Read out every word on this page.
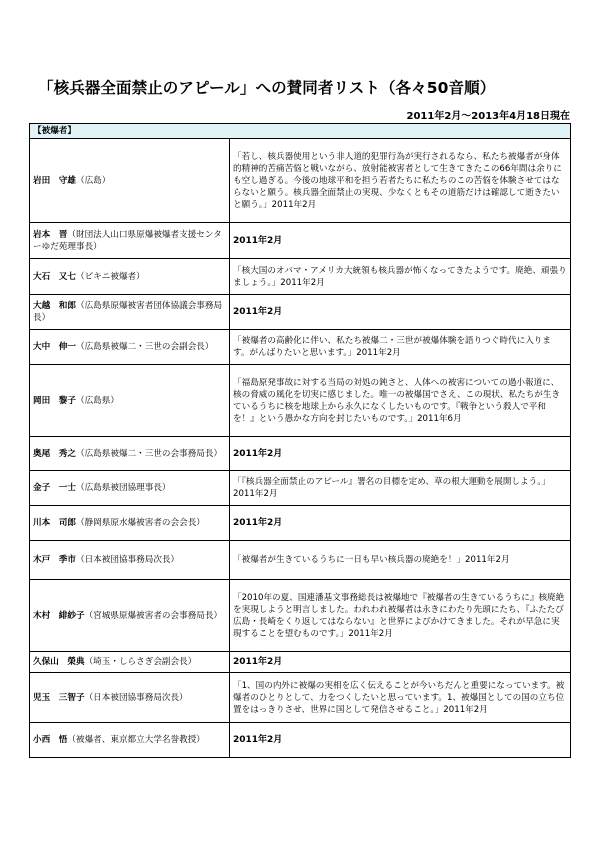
「核兵器全面禁止のアピール」への賛同者リスト（各々50音順）
2011年2月～2013年4月18日現在
【被爆者】	
岩田　守雄（広島）	「若し、核兵器使用という非人道的犯罪行為が実行されるなら、私たち被爆者が身体的精神的苦痛苦悩と戦いながら、放射能被害者として生きてきたこの66年間は余りにも空し過ぎる。今後の地球平和を担う若者たちに私たちのこの苦悩を体験させてはならないと願う。核兵器全面禁止の実現、少なくともその道筋だけは確認して逝きたいと願う。」2011年2月
岩本　晋（財団法人山口県原爆被爆者支援センターゆだ苑理事長）	2011年2月
大石　又七（ビキニ被爆者）	「核大国のオバマ・アメリカ大統領も核兵器が怖くなってきたようです。廃絶、頑張りましょう。」2011年2月
大越　和郎（広島県原爆被害者団体協議会事務局長）	2011年2月
大中　伸一（広島県被爆二・三世の会副会長）	「被爆者の高齢化に伴い、私たち被爆二・三世が被爆体験を語りつぐ時代に入ります。がんばりたいと思います。」2011年2月
岡田　黎子（広島県）	「福島原発事故に対する当局の対処の鈍さと、人体への被害についての過小報道に、核の脅威の風化を切実に感じました。唯一の被爆国でさえ、この現状、私たちが生きているうちに核を地球上から永久になくしたいものです。『戦争という殺人で平和を！』という愚かな方向を封じたいものです。」2011年6月
奥尾　秀之（広島県被爆二・三世の会事務局長）	2011年2月
金子　一士（広島県被団協理事長）	「『核兵器全面禁止のアピール』署名の目標を定め、草の根大運動を展開しよう。」2011年2月
川本　司郎（静岡県原水爆被害者の会会長）	2011年2月
木戸　季市（日本被団協事務局次長）	「被爆者が生きているうちに一日も早い核兵器の廃絶を！」2011年2月
木村　緋紗子（宮城県原爆被害者の会事務局長）	「2010年の夏、国連潘基文事務総長は被爆地で『被爆者の生きているうちに』核廃絶を実現しようと明言しました。われわれ被爆者は永きにわたり先頭にたち、『ふたたび広島・長崎をくり返してはならない』と世界によびかけてきました。それが早急に実現することを望むものです。」2011年2月
久保山　榮典（埼玉・しらさぎ会副会長）	2011年2月
児玉　三智子（日本被団協事務局次長）	「1、国の内外に被爆の実相を広く伝えることが今いちだんと重要になっています。被爆者のひとりとして、力をつくしたいと思っています。1、被爆国としての国の立ち位置をはっきりさせ、世界に国として発信させること。」2011年2月
小西　悟（被爆者、東京都立大学名誉教授）	2011年2月
